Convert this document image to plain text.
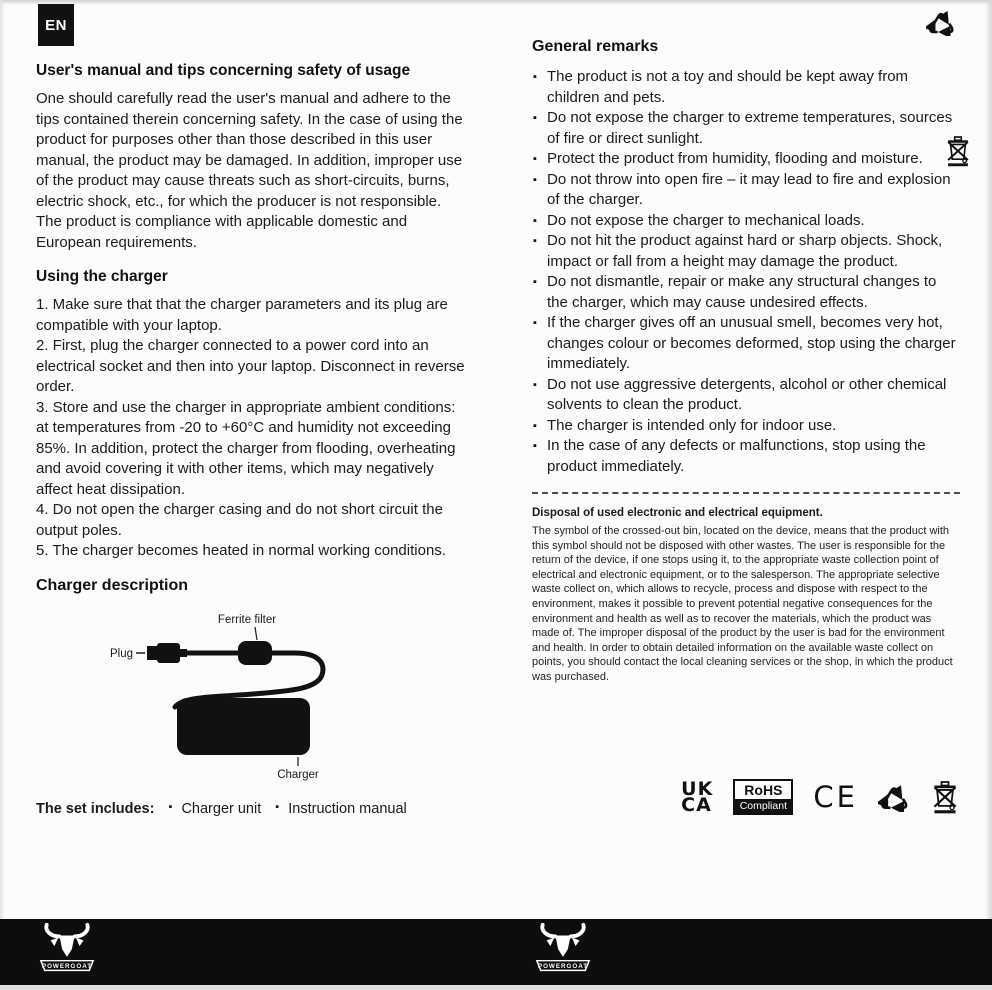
EN
User's manual and tips concerning safety of usage

One should carefully read the user's manual and adhere to the tips contained therein concerning safety. In the case of using the product for purposes other than those described in this user manual, the product may be damaged. In addition, improper use of the product may cause threats such as short-circuits, burns, electric shock, etc., for which the producer is not responsible. The product is compliance with applicable domestic and European requirements.

Using the charger

1. Make sure that that the charger parameters and its plug are compatible with your laptop.

2. First, plug the charger connected to a power cord into an electrical socket and then into your laptop. Disconnect in reverse order.

3. Store and use the charger in appropriate ambient conditions: at temperatures from -20 to +60°C and humidity not exceeding 85%. In addition, protect the charger from flooding, overheating and avoid covering it with other items, which may negatively affect heat dissipation.

4. Do not open the charger casing and do not short circuit the output poles.

5. The charger becomes heated in normal working conditions.

Charger description
Ferrite filter
Plug
Charger
The set includes:	▪ Charger unit	▪ Instruction manual
General remarks

▪ The product is not a toy and should be kept away from children and pets.

▪ Do not expose the charger to extreme temperatures, sources of fire or direct sunlight.

▪ Protect the product from humidity, flooding and moisture.

▪ Do not throw into open fire – it may lead to fire and explosion of the charger.

▪ Do not expose the charger to mechanical loads.

▪ Do not hit the product against hard or sharp objects. Shock, impact or fall from a height may damage the product.

▪ Do not dismantle, repair or make any structural changes to the charger, which may cause undesired effects.

▪ If the charger gives off an unusual smell, becomes very hot, changes colour or becomes deformed, stop using the charger immediately.

▪ Do not use aggressive detergents, alcohol or other chemical solvents to clean the product.

▪ The charger is intended only for indoor use.

▪ In the case of any defects or malfunctions, stop using the product immediately.

Disposal of used electronic and electrical equipment.

The symbol of the crossed-out bin, located on the device, means that the product with this symbol should not be disposed with other wastes. The user is responsible for the return of the device, if one stops using it, to the appropriate waste collection point of electrical and electronic equipment, or to the salesperson. The appropriate selective waste collect on, which allows to recycle, process and dispose with respect to the environment, makes it possible to prevent potential negative consequences for the environment and health as well as to recover the materials, which the product was made of. The improper disposal of the product by the user is bad for the environment and health. In order to obtain detailed information on the available waste collect on points, you should contact the local cleaning services or the shop, in which the product was purchased.

UK
CA
RoHS
Compliant CE
POWERGOAT	POWERGOAT
